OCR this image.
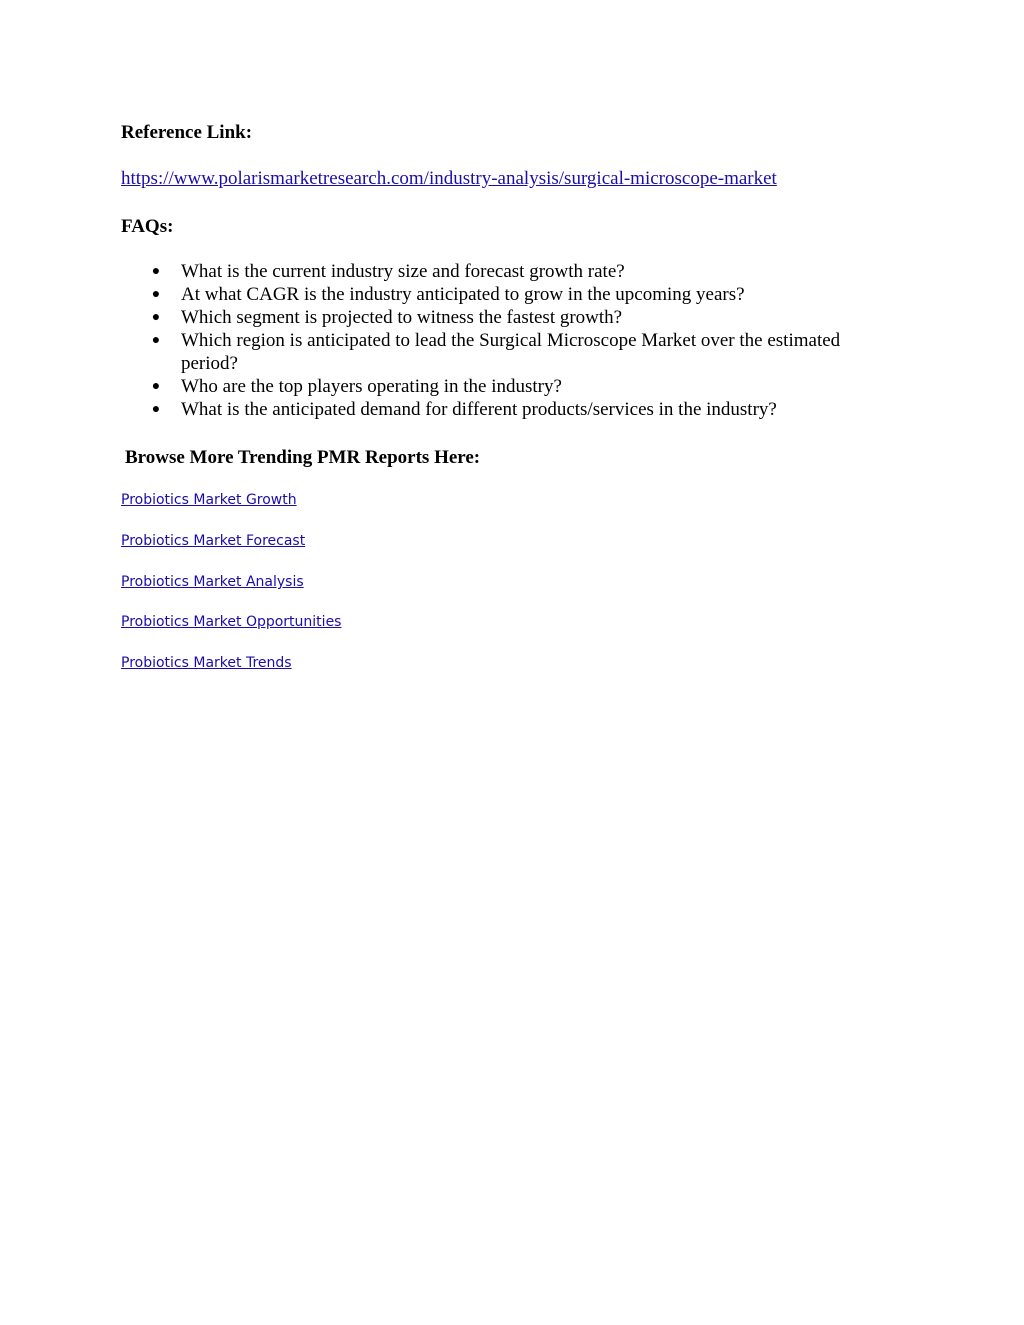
Reference Link:
https://www.polarismarketresearch.com/industry-analysis/surgical-microscope-market
FAQs:
● What is the current industry size and forecast growth rate?
● At what CAGR is the industry anticipated to grow in the upcoming years?
● Which segment is projected to witness the fastest growth?
● Which region is anticipated to lead the Surgical Microscope Market over the estimated period?
● Who are the top players operating in the industry?
● What is the anticipated demand for different products/services in the industry?
Browse More Trending PMR Reports Here:
Probiotics Market Growth
Probiotics Market Forecast
Probiotics Market Analysis
Probiotics Market Opportunities
Probiotics Market Trends
